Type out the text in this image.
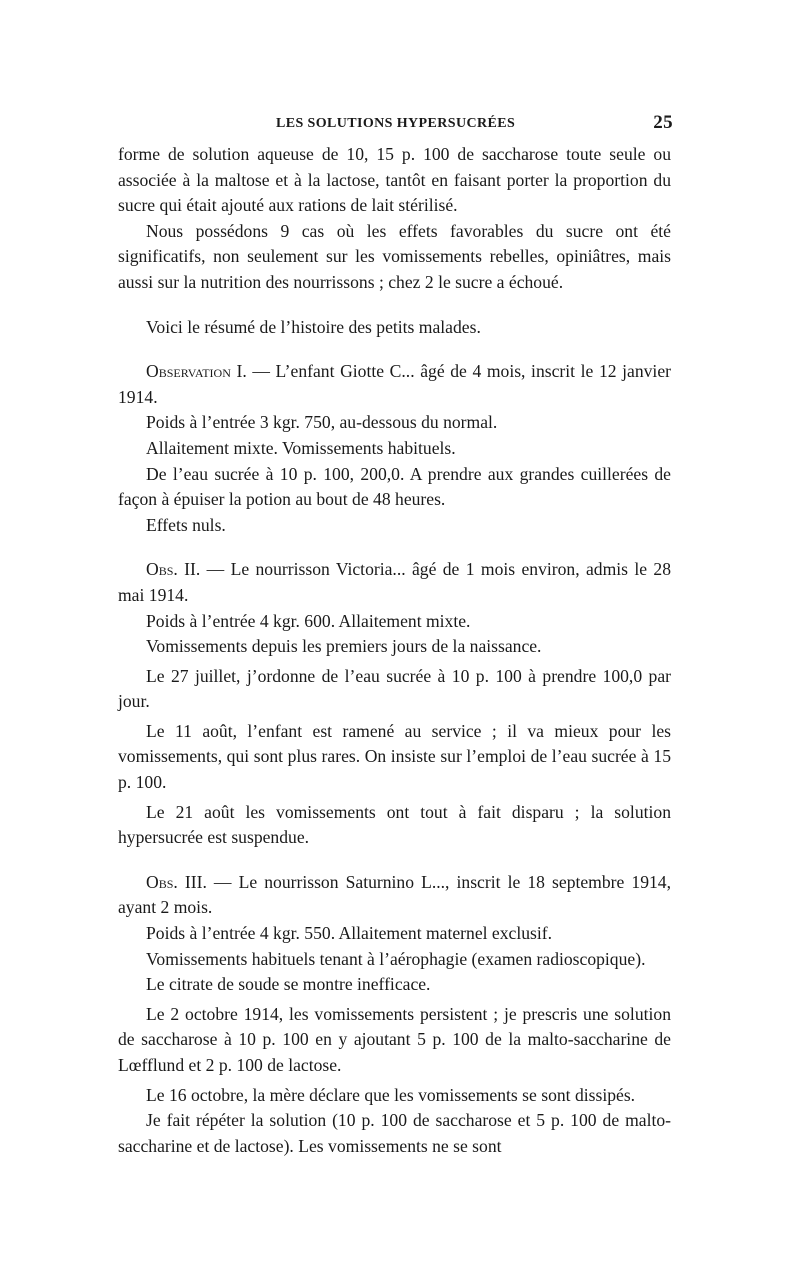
LES SOLUTIONS HYPERSUCRÉES	25

forme de solution aqueuse de 10, 15 p. 100 de saccharose toute seule ou associée à la maltose et à la lactose, tantôt en faisant porter la proportion du sucre qui était ajouté aux rations de lait stérilisé.

Nous possédons 9 cas où les effets favorables du sucre ont été significatifs, non seulement sur les vomissements rebelles, opiniâtres, mais aussi sur la nutrition des nourrissons ; chez 2 le sucre a échoué.

Voici le résumé de l’histoire des petits malades.

Observation I. — L’enfant Giotte C... âgé de 4 mois, inscrit le 12 janvier 1914.

Poids à l’entrée 3 kgr. 750, au-dessous du normal.

Allaitement mixte. Vomissements habituels.

De l’eau sucrée à 10 p. 100, 200,0. A prendre aux grandes cuillerées de façon à épuiser la potion au bout de 48 heures.

Effets nuls.

Obs. II. — Le nourrisson Victoria... âgé de 1 mois environ, admis le 28 mai 1914.

Poids à l’entrée 4 kgr. 600. Allaitement mixte.

Vomissements depuis les premiers jours de la naissance.

Le 27 juillet, j’ordonne de l’eau sucrée à 10 p. 100 à prendre 100,0 par jour.

Le 11 août, l’enfant est ramené au service ; il va mieux pour les vomissements, qui sont plus rares. On insiste sur l’emploi de l’eau sucrée à 15 p. 100.

Le 21 août les vomissements ont tout à fait disparu ; la solution hypersucrée est suspendue.

Obs. III. — Le nourrisson Saturnino L..., inscrit le 18 septembre 1914, ayant 2 mois.

Poids à l’entrée 4 kgr. 550. Allaitement maternel exclusif.

Vomissements habituels tenant à l’aérophagie (examen radioscopique).

Le citrate de soude se montre inefficace.

Le 2 octobre 1914, les vomissements persistent ; je prescris une solution de saccharose à 10 p. 100 en y ajoutant 5 p. 100 de la malto-saccharine de Lœfflund et 2 p. 100 de lactose.

Le 16 octobre, la mère déclare que les vomissements se sont dissipés.

Je fait répéter la solution (10 p. 100 de saccharose et 5 p. 100 de malto-saccharine et de lactose). Les vomissements ne se sont
